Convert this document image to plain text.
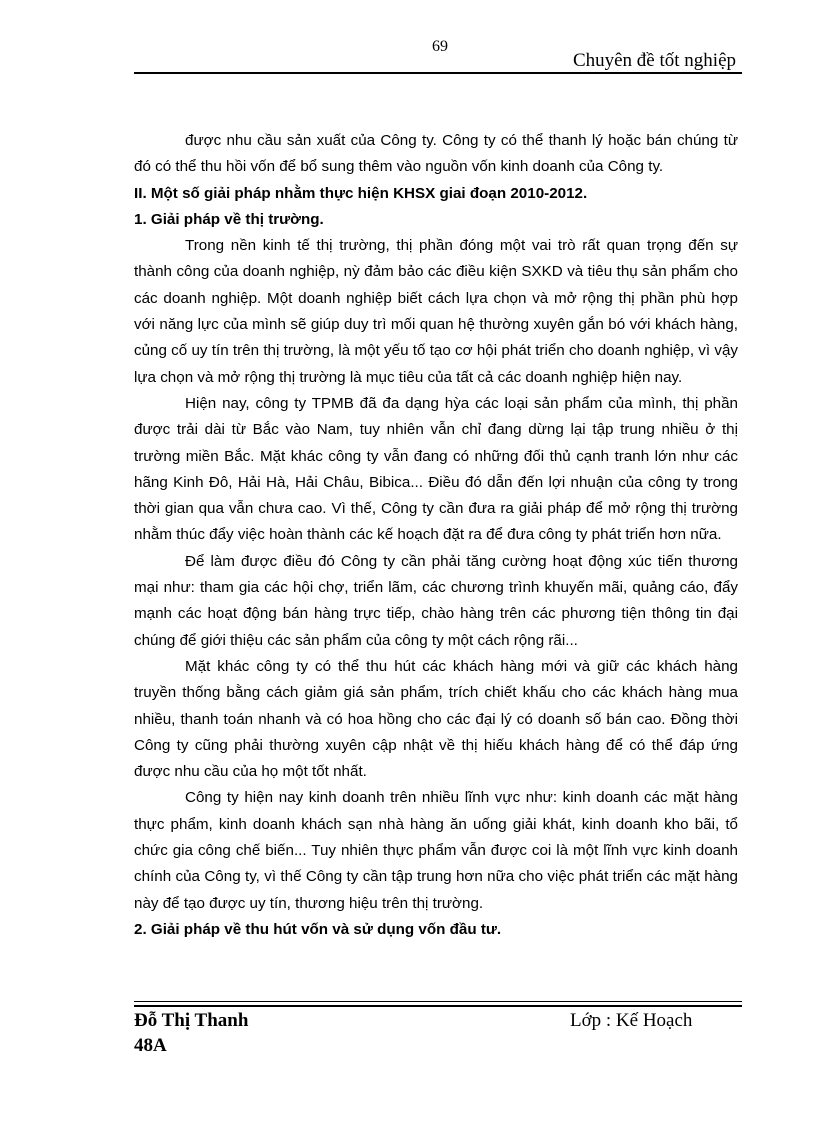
69
Chuyên đề tốt nghiệp

được nhu cầu sản xuất của Công ty. Công ty có thể thanh lý hoặc bán chúng từ đó có thể thu hồi vốn để bổ sung thêm vào nguồn vốn kinh doanh của Công ty.

II. Một số giải pháp nhằm thực hiện KHSX giai đoạn 2010-2012.
1. Giải pháp về thị trường.

Trong nền kinh tế thị trường, thị phần đóng một vai trò rất quan trọng đến sự thành công của doanh nghiệp, nỳ đảm bảo các điều kiện SXKD và tiêu thụ sản phẩm cho các doanh nghiệp. Một doanh nghiệp biết cách lựa chọn và mở rộng thị phần phù hợp với năng lực của mình sẽ giúp duy trì mối quan hệ thường xuyên gắn bó với khách hàng, củng cố uy tín trên thị trường, là một yếu tố tạo cơ hội phát triển cho doanh nghiệp, vì vậy lựa chọn và mở rộng thị trường là mục tiêu của tất cả các doanh nghiệp hiện nay.

Hiện nay, công ty TPMB đã đa dạng hỳa các loại sản phẩm của mình, thị phần được trải dài từ Bắc vào Nam, tuy nhiên vẫn chỉ đang dừng lại tập trung nhiều ở thị trường miền Bắc. Mặt khác công ty vẫn đang có những đối thủ cạnh tranh lớn như các hãng Kinh Đô, Hải Hà, Hải Châu, Bibica... Điều đó dẫn đến lợi nhuận của công ty trong thời gian qua vẫn chưa cao. Vì thế, Công ty cần đưa ra giải pháp để mở rộng thị trường nhằm thúc đẩy việc hoàn thành các kế hoạch đặt ra để đưa công ty phát triển hơn nữa.

Để làm được điều đó Công ty cần phải tăng cường hoạt động xúc tiến thương mại như: tham gia các hội chợ, triển lãm, các chương trình khuyến mãi, quảng cáo, đẩy mạnh các hoạt động bán hàng trực tiếp, chào hàng trên các phương tiện thông tin đại chúng để giới thiệu các sản phẩm của công ty một cách rộng rãi...

Mặt khác công ty có thể thu hút các khách hàng mới và giữ các khách hàng truyền thống bằng cách giảm giá sản phẩm, trích chiết khấu cho các khách hàng mua nhiều, thanh toán nhanh và có hoa hồng cho các đại lý có doanh số bán cao. Đồng thời Công ty cũng phải thường xuyên cập nhật về thị hiếu khách hàng để có thể đáp ứng được nhu cầu của họ một tốt nhất.

Công ty hiện nay kinh doanh trên nhiều lĩnh vực như: kinh doanh các mặt hàng thực phẩm, kinh doanh khách sạn nhà hàng ăn uống giải khát, kinh doanh kho bãi, tổ chức gia công chế biến... Tuy nhiên thực phẩm vẫn được coi là một lĩnh vực kinh doanh chính của Công ty, vì thế Công ty cần tập trung hơn nữa cho việc phát triển các mặt hàng này để tạo được uy tín, thương hiệu trên thị trường.

2. Giải pháp về thu hút vốn và sử dụng vốn đầu tư.
Đỗ Thị Thanh
48A
Lớp : Kế Hoạch
